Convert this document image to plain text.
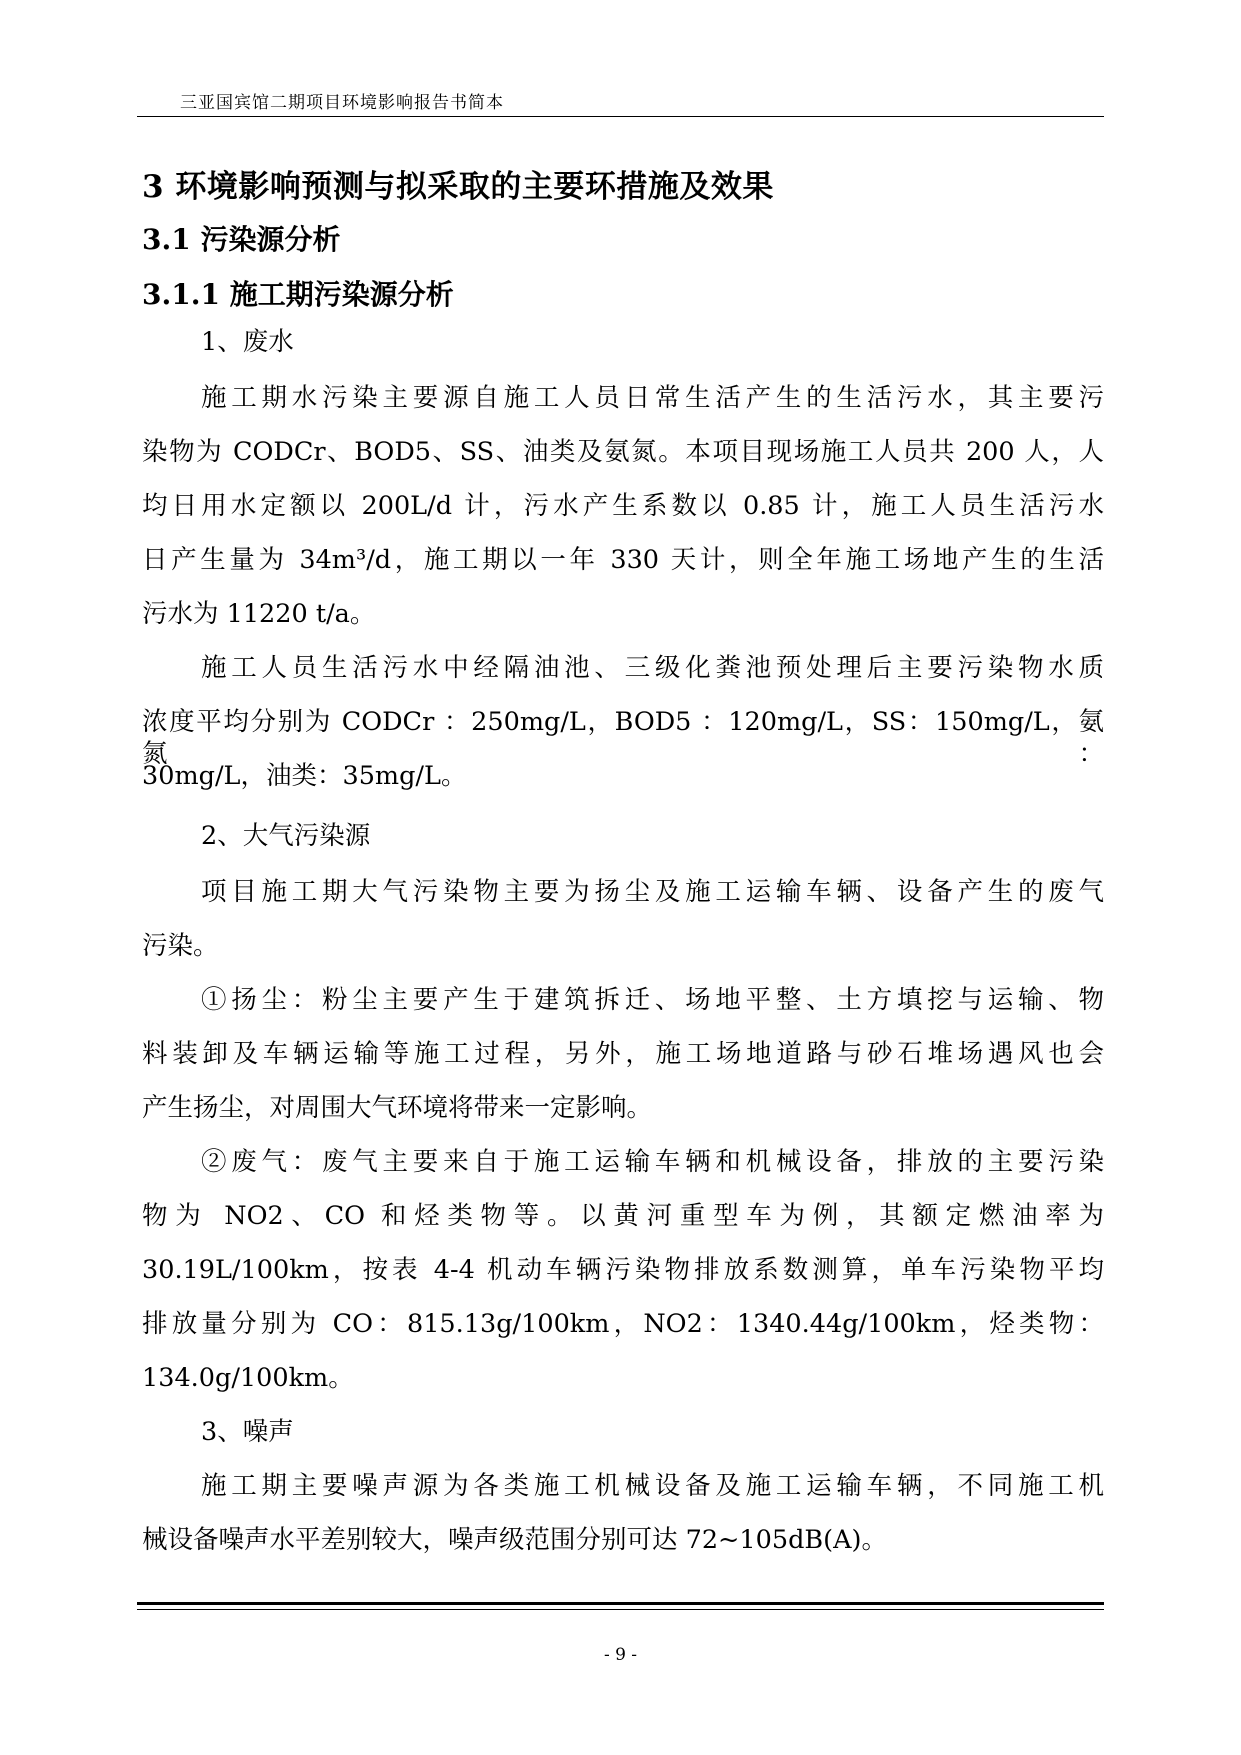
三亚国宾馆二期项目环境影响报告书简本
3 环境影响预测与拟采取的主要环措施及效果
3.1 污染源分析
3.1.1 施工期污染源分析
1、废水
施工期水污染主要源自施工人员日常生活产生的生活污水，其主要污
染物为 CODCr、BOD5、SS、油类及氨氮。本项目现场施工人员共 200 人，人
均日用水定额以 200L/d 计，污水产生系数以 0.85 计，施工人员生活污水
日产生量为 34m³/d，施工期以一年 330 天计，则全年施工场地产生的生活
污水为 11220 t/a。
施工人员生活污水中经隔油池、三级化粪池预处理后主要污染物水质
浓度平均分别为 CODCr ：250mg/L，BOD5 ：120mg/L，SS：150mg/L，氨氮：
30mg/L，油类：35mg/L。
2、大气污染源
项目施工期大气污染物主要为扬尘及施工运输车辆、设备产生的废气
污染。
①扬尘：粉尘主要产生于建筑拆迁、场地平整、土方填挖与运输、物
料装卸及车辆运输等施工过程，另外，施工场地道路与砂石堆场遇风也会
产生扬尘，对周围大气环境将带来一定影响。
②废气：废气主要来自于施工运输车辆和机械设备，排放的主要污染
物为 NO2、CO 和烃类物等。以黄河重型车为例，其额定燃油率为
30.19L/100km，按表 4-4 机动车辆污染物排放系数测算，单车污染物平均
排放量分别为 CO：815.13g/100km，NO2：1340.44g/100km，烃类物：
134.0g/100km。
3、噪声
施工期主要噪声源为各类施工机械设备及施工运输车辆，不同施工机
械设备噪声水平差别较大，噪声级范围分别可达 72~105dB(A)。
- 9 -
